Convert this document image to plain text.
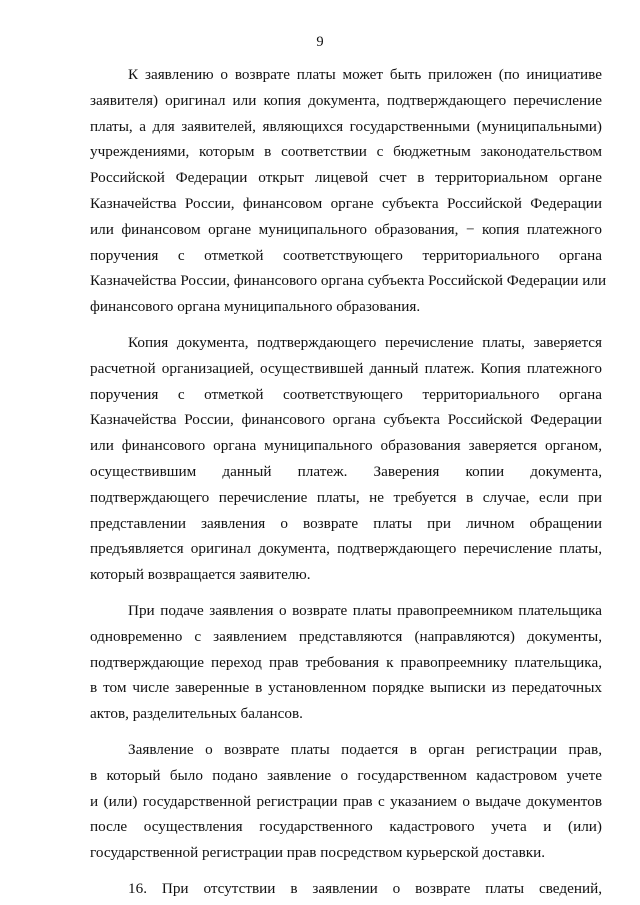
9

К заявлению о возврате платы может быть приложен (по инициативе
заявителя) оригинал или копия документа, подтверждающего перечисление
платы, а для заявителей, являющихся государственными (муниципальными)
учреждениями, которым в соответствии с бюджетным законодательством
Российской Федерации открыт лицевой счет в территориальном органе
Казначейства России, финансовом органе субъекта Российской Федерации
или финансовом органе муниципального образования, − копия платежного
поручения с отметкой соответствующего территориального органа
Казначейства России, финансового органа субъекта Российской Федерации или
финансового органа муниципального образования.

Копия документа, подтверждающего перечисление платы, заверяется
расчетной организацией, осуществившей данный платеж. Копия платежного
поручения с отметкой соответствующего территориального органа
Казначейства России, финансового органа субъекта Российской Федерации
или финансового органа муниципального образования заверяется органом,
осуществившим данный платеж. Заверения копии документа,
подтверждающего перечисление платы, не требуется в случае, если при
представлении заявления о возврате платы при личном обращении
предъявляется оригинал документа, подтверждающего перечисление платы,
который возвращается заявителю.

При подаче заявления о возврате платы правопреемником плательщика
одновременно с заявлением представляются (направляются) документы,
подтверждающие переход прав требования к правопреемнику плательщика,
в том числе заверенные в установленном порядке выписки из передаточных
актов, разделительных балансов.

Заявление о возврате платы подается в орган регистрации прав,
в который было подано заявление о государственном кадастровом учете
и (или) государственной регистрации прав с указанием о выдаче документов
после осуществления государственного кадастрового учета и (или)
государственной регистрации прав посредством курьерской доставки.

16. При отсутствии в заявлении о возврате платы сведений,
